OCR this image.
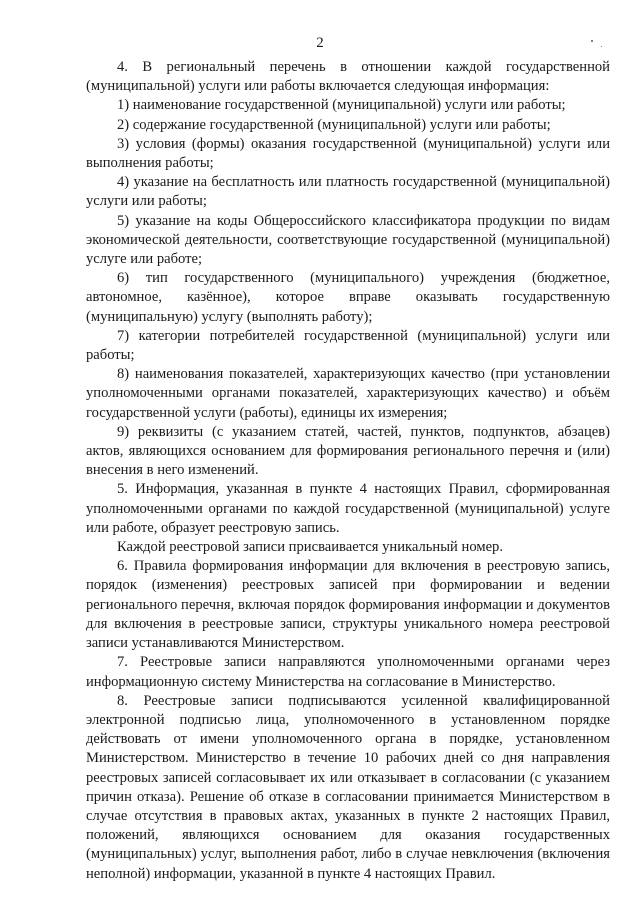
2

4. В региональный перечень в отношении каждой государственной (муниципальной) услуги или работы включается следующая информация:

1) наименование государственной (муниципальной) услуги или работы;

2) содержание государственной (муниципальной) услуги или работы;

3) условия (формы) оказания государственной (муниципальной) услуги или выполнения работы;

4) указание на бесплатность или платность государственной (муниципальной) услуги или работы;

5) указание на коды Общероссийского классификатора продукции по видам экономической деятельности, соответствующие государственной (муниципальной) услуге или работе;

6) тип государственного (муниципального) учреждения (бюджетное, автономное, казённое), которое вправе оказывать государственную (муниципальную) услугу (выполнять работу);

7) категории потребителей государственной (муниципальной) услуги или работы;

8) наименования показателей, характеризующих качество (при установлении уполномоченными органами показателей, характеризующих качество) и объём государственной услуги (работы), единицы их измерения;

9) реквизиты (с указанием статей, частей, пунктов, подпунктов, абзацев) актов, являющихся основанием для формирования регионального перечня и (или) внесения в него изменений.

5. Информация, указанная в пункте 4 настоящих Правил, сформированная уполномоченными органами по каждой государственной (муниципальной) услуге или работе, образует реестровую запись.

Каждой реестровой записи присваивается уникальный номер.

6. Правила формирования информации для включения в реестровую запись, порядок (изменения) реестровых записей при формировании и ведении регионального перечня, включая порядок формирования информации и документов для включения в реестровые записи, структуры уникального номера реестровой записи устанавливаются Министерством.

7. Реестровые записи направляются уполномоченными органами через информационную систему Министерства на согласование в Министерство.

8. Реестровые записи подписываются усиленной квалифицированной электронной подписью лица, уполномоченного в установленном порядке действовать от имени уполномоченного органа в порядке, установленном Министерством. Министерство в течение 10 рабочих дней со дня направления реестровых записей согласовывает их или отказывает в согласовании (с указанием причин отказа). Решение об отказе в согласовании принимается Министерством в случае отсутствия в правовых актах, указанных в пункте 2 настоящих Правил, положений, являющихся основанием для оказания государственных (муниципальных) услуг, выполнения работ, либо в случае невключения (включения неполной) информации, указанной в пункте 4 настоящих Правил.
